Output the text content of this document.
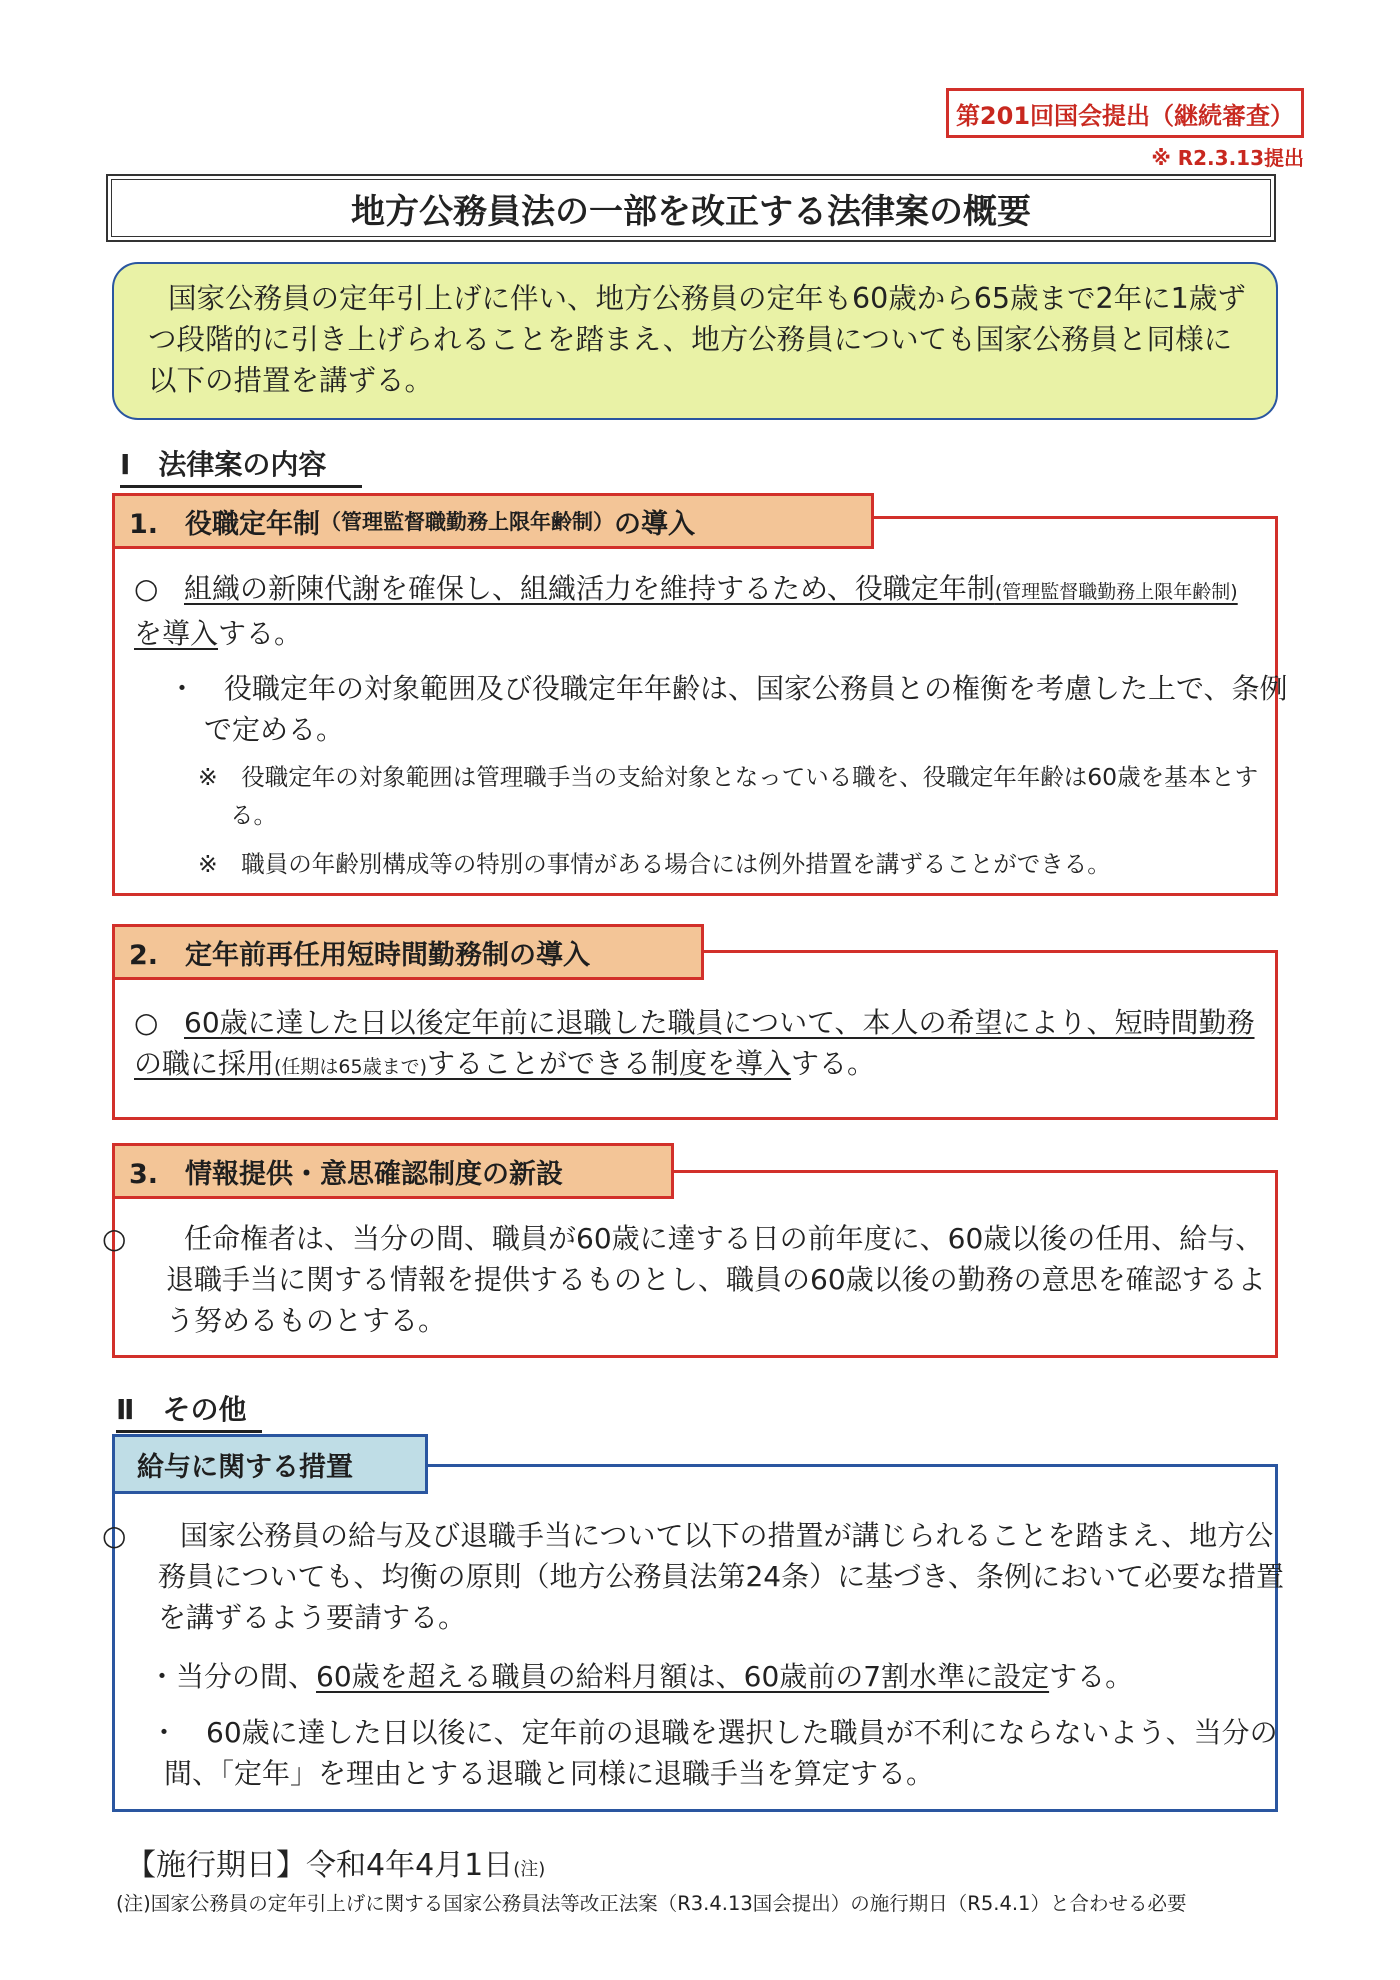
第201回国会提出（継続審査）
※ R2.3.13提出
地方公務員法の一部を改正する法律案の概要
国家公務員の定年引上げに伴い、地方公務員の定年も60歳から65歳まで2年に1歳ずつ段階的に引き上げられることを踏まえ、地方公務員についても国家公務員と同様に以下の措置を講ずる。
Ⅰ　法律案の内容
1.　役職定年制 （管理監督職勤務上限年齢制） の導入
○ 組織の新陳代謝を確保し、組織活力を維持するため、役職定年制(管理監督職勤務上限年齢制)を導入する。
・　役職定年の対象範囲及び役職定年年齢は、国家公務員との権衡を考慮した上で、条例で定める。
※　役職定年の対象範囲は管理職手当の支給対象となっている職を、役職定年年齢は60歳を基本とする。
※　職員の年齢別構成等の特別の事情がある場合には例外措置を講ずることができる。
2.　定年前再任用短時間勤務制の導入
○ 60歳に達した日以後定年前に退職した職員について、本人の希望により、短時間勤務の職に採用(任期は65歳まで)することができる制度を導入する。
3.　情報提供・意思確認制度の新設
○ 任命権者は、当分の間、職員が60歳に達する日の前年度に、60歳以後の任用、給与、退職手当に関する情報を提供するものとし、職員の60歳以後の勤務の意思を確認するよう努めるものとする。
Ⅱ　その他
給与に関する措置
○ 国家公務員の給与及び退職手当について以下の措置が講じられることを踏まえ、地方公務員についても、均衡の原則（地方公務員法第24条）に基づき、条例において必要な措置を講ずるよう要請する。
・当分の間、60歳を超える職員の給料月額は、60歳前の7割水準に設定する。
・　60歳に達した日以後に、定年前の退職を選択した職員が不利にならないよう、当分の間、「定年」を理由とする退職と同様に退職手当を算定する。
【施行期日】令和4年4月1日(注)
(注)国家公務員の定年引上げに関する国家公務員法等改正法案（R3.4.13国会提出）の施行期日（R5.4.1）と合わせる必要
